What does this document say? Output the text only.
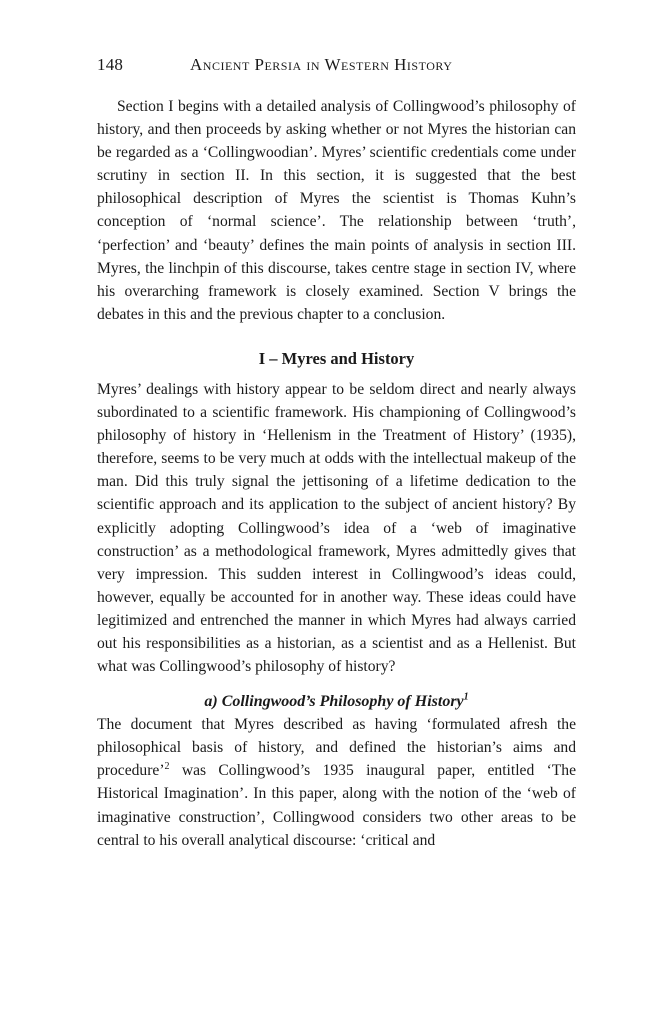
148	Ancient Persia in Western History

Section I begins with a detailed analysis of Collingwood’s philosophy of history, and then proceeds by asking whether or not Myres the historian can be regarded as a ‘Collingwoodian’. Myres’ scientific credentials come under scrutiny in section II. In this section, it is suggested that the best philosophical description of Myres the scientist is Thomas Kuhn’s conception of ‘normal science’. The relationship between ‘truth’, ‘perfection’ and ‘beauty’ defines the main points of analysis in section III. Myres, the linchpin of this discourse, takes centre stage in section IV, where his overarching framework is closely examined. Section V brings the debates in this and the previous chapter to a conclusion.

I – Myres and History

Myres’ dealings with history appear to be seldom direct and nearly always subordinated to a scientific framework. His championing of Collingwood’s philosophy of history in ‘Hellenism in the Treatment of History’ (1935), therefore, seems to be very much at odds with the intellectual makeup of the man. Did this truly signal the jettisoning of a lifetime dedication to the scientific approach and its application to the subject of ancient history? By explicitly adopting Collingwood’s idea of a ‘web of imaginative construction’ as a methodological framework, Myres admittedly gives that very impression. This sudden interest in Collingwood’s ideas could, however, equally be accounted for in another way. These ideas could have legitimized and entrenched the manner in which Myres had always carried out his responsibilities as a historian, as a scientist and as a Hellenist. But what was Collingwood’s philosophy of history?

a) Collingwood’s Philosophy of History$^1$

The document that Myres described as having ‘formulated afresh the philosophical basis of history, and defined the historian’s aims and procedure’$^2$ was Collingwood’s 1935 inaugural paper, entitled ‘The Historical Imagination’. In this paper, along with the notion of the ‘web of imaginative construction’, Collingwood considers two other areas to be central to his overall analytical discourse: ‘critical and
